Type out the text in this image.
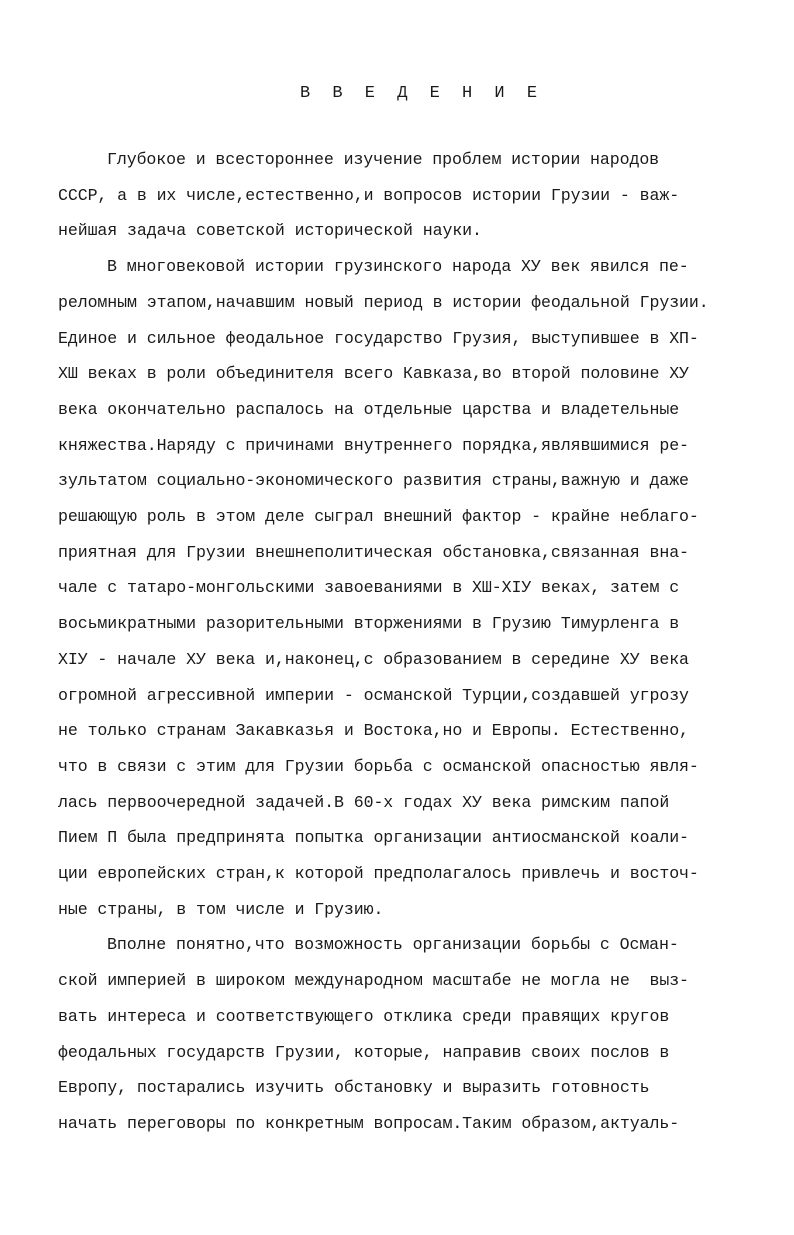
В В Е Д Е Н И Е
Глубокое и всестороннее изучение проблем истории народов
СССР, а в их числе,естественно,и вопросов истории Грузии - важ-
нейшая задача советской исторической науки.
В многовековой истории грузинского народа ХУ век явился пе-
реломным этапом,начавшим новый период в истории феодальной Грузии.
Единое и сильное феодальное государство Грузия, выступившее в ХП-
ХШ веках в роли объединителя всего Кавказа,во второй половине ХУ
века окончательно распалось на отдельные царства и владетельные
княжества.Наряду с причинами внутреннего порядка,являвшимися ре-
зультатом социально-экономического развития страны,важную и даже
решающую роль в этом деле сыграл внешний фактор - крайне неблаго-
приятная для Грузии внешнеполитическая обстановка,связанная вна-
чале с татаро-монгольскими завоеваниями в ХШ-ХIУ веках, затем с
восьмикратными разорительными вторжениями в Грузию Тимурленга в
ХIУ - начале ХУ века и,наконец,с образованием в середине ХУ века
огромной агрессивной империи - османской Турции,создавшей угрозу
не только странам Закавказья и Востока,но и Европы. Естественно,
что в связи с этим для Грузии борьба с османской опасностью явля-
лась первоочередной задачей.В 60-х годах ХУ века римским папой
Пием П была предпринята попытка организации антиосманской коали-
ции европейских стран,к которой предполагалось привлечь и восточ-
ные страны, в том числе и Грузию.
Вполне понятно,что возможность организации борьбы с Осман-
ской империей в широком международном масштабе не могла не  выз-
вать интереса и соответствующего отклика среди правящих кругов
феодальных государств Грузии, которые, направив своих послов в
Европу, постарались изучить обстановку и выразить готовность
начать переговоры по конкретным вопросам.Таким образом,актуаль-
